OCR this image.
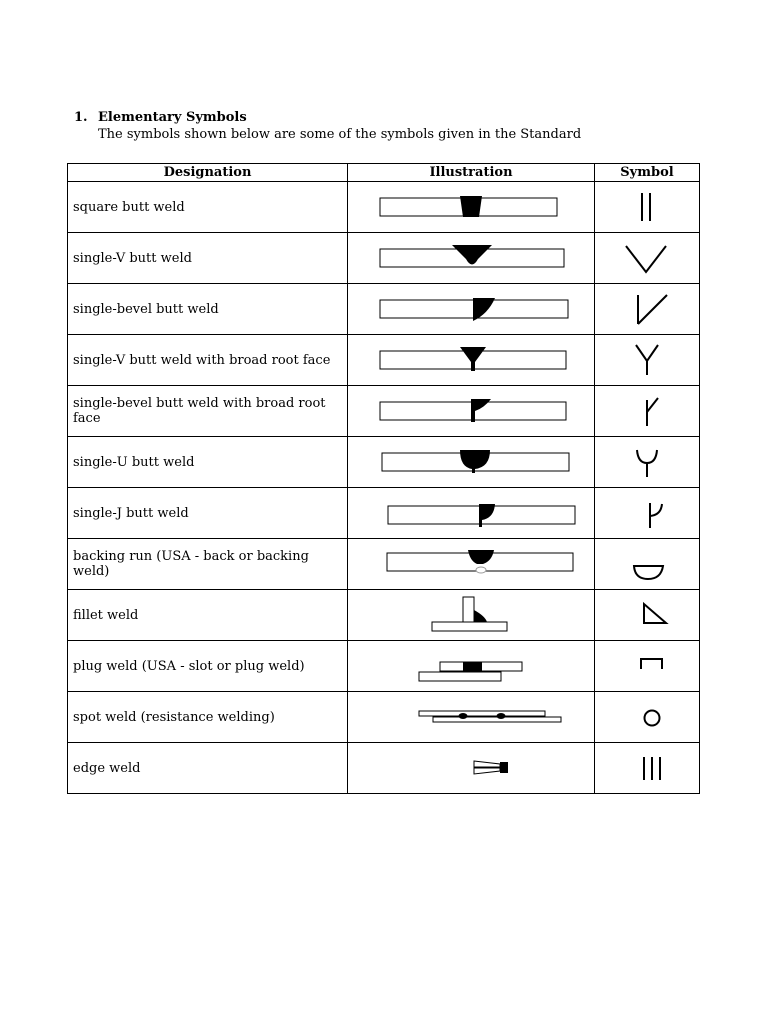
1. Elementary Symbols
The symbols shown below are some of the symbols given in the Standard
Designation	Illustration	Symbol
square butt weld	

single-V butt weld	

single-bevel butt weld	

single-V butt weld with broad root face	

single-bevel butt weld with broad root face	

single-U butt weld	

single-J butt weld	

backing run (USA - back or backing weld)	

fillet weld	

plug weld (USA - slot or plug weld)	

spot weld (resistance welding)	

edge weld	
